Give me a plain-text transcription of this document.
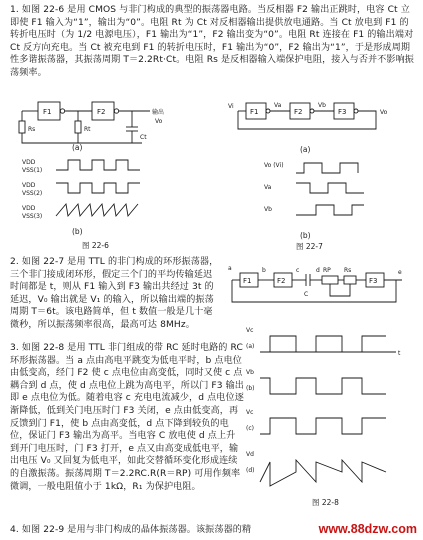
1. 如图 22-6 是用 CMOS 与非门构成的典型的振荡器电路。当反相器 F2 输出正跳时，电容 Ct 立即使 F1 输入为“1”，输出为“0”。电阻 Rt 为 Ct 对反相器输出提供放电通路。当 Ct 放电到 F1 的转折电压时（为 1/2 电源电压），F1 输出为“1”，F2 输出变为“0”。电阻 Rt 连接在 F1 的输出端对 Ct 反方向充电。当 Ct 被充电到 F1 的转折电压时，F1 输出为“0”，F2 输出为“1”，于是形成周期性多谐振荡器，其振荡周期 T＝2.2Rt·Ct。电阻 Rs 是反相器输入端保护电阻，接入与否并不影响振荡频率。
F1	F2	输出
Rs	Rt
Ct
Vo
(a)
VDD
VSS(1)
VDD
VSS(2)
VDD
VSS(3)
(b)
图 22-6
Vi
F1
Va
F2
Vb
F3	Vo
(a)
Vo (Vi)
Va
Vb
(b)
图 22-7
2. 如图 22-7 是用 TTL 的非门构成的环形振荡器，三个非门接成闭环形，假定三个门的平均传输延迟时间都是 t，则从 F1 输入到 F3 输出共经过 3t 的延迟，V₀ 输出就是 V₁ 的输入，所以输出端的振荡周期 T＝6t。该电路简单，但 t 数值一般是几十毫微秒，所以振荡频率很高，最高可达 8MHz。
a
F1
b
F2
c
C
d RP Rs
F3
e
Vc
(a)
t
Vb
(b)
Vc
(c)
Vd
(d)
图 22-8
3. 如图 22-8 是用 TTL 非门组成的带 RC 延时电路的 RC 环形振荡器。当 a 点由高电平跳变为低电平时，b 点电位由低变高，经门 F2 使 c 点电位由高变低，同时又使 c 点耦合到 d 点，使 d 点电位上跳为高电平，所以门 F3 输出即 e 点电位为低。随着电容 c 充电电流减少，d 点电位逐渐降低，低到关门电压时门 F3 关闭，e 点由低变高，再反馈到门 F1，使 b 点由高变低，d 点下降到较负的电位，保证门 F3 输出为高平。当电容 C 放电使 d 点上升到开门电压时，门 F3 打开，e 点又由高变成低电平，输出电压 V₀ 又回复为低电平，如此交替循环变化形成连续的自激振荡。振荡周期 T＝2.2RC.R(R＝RP) 可用作频率微调，一般电阻值小于 1kΩ，R₁ 为保护电阻。
4. 如图 22-9 是用与非门构成的晶体振荡器。该振荡器的精	www.88dzw.com
